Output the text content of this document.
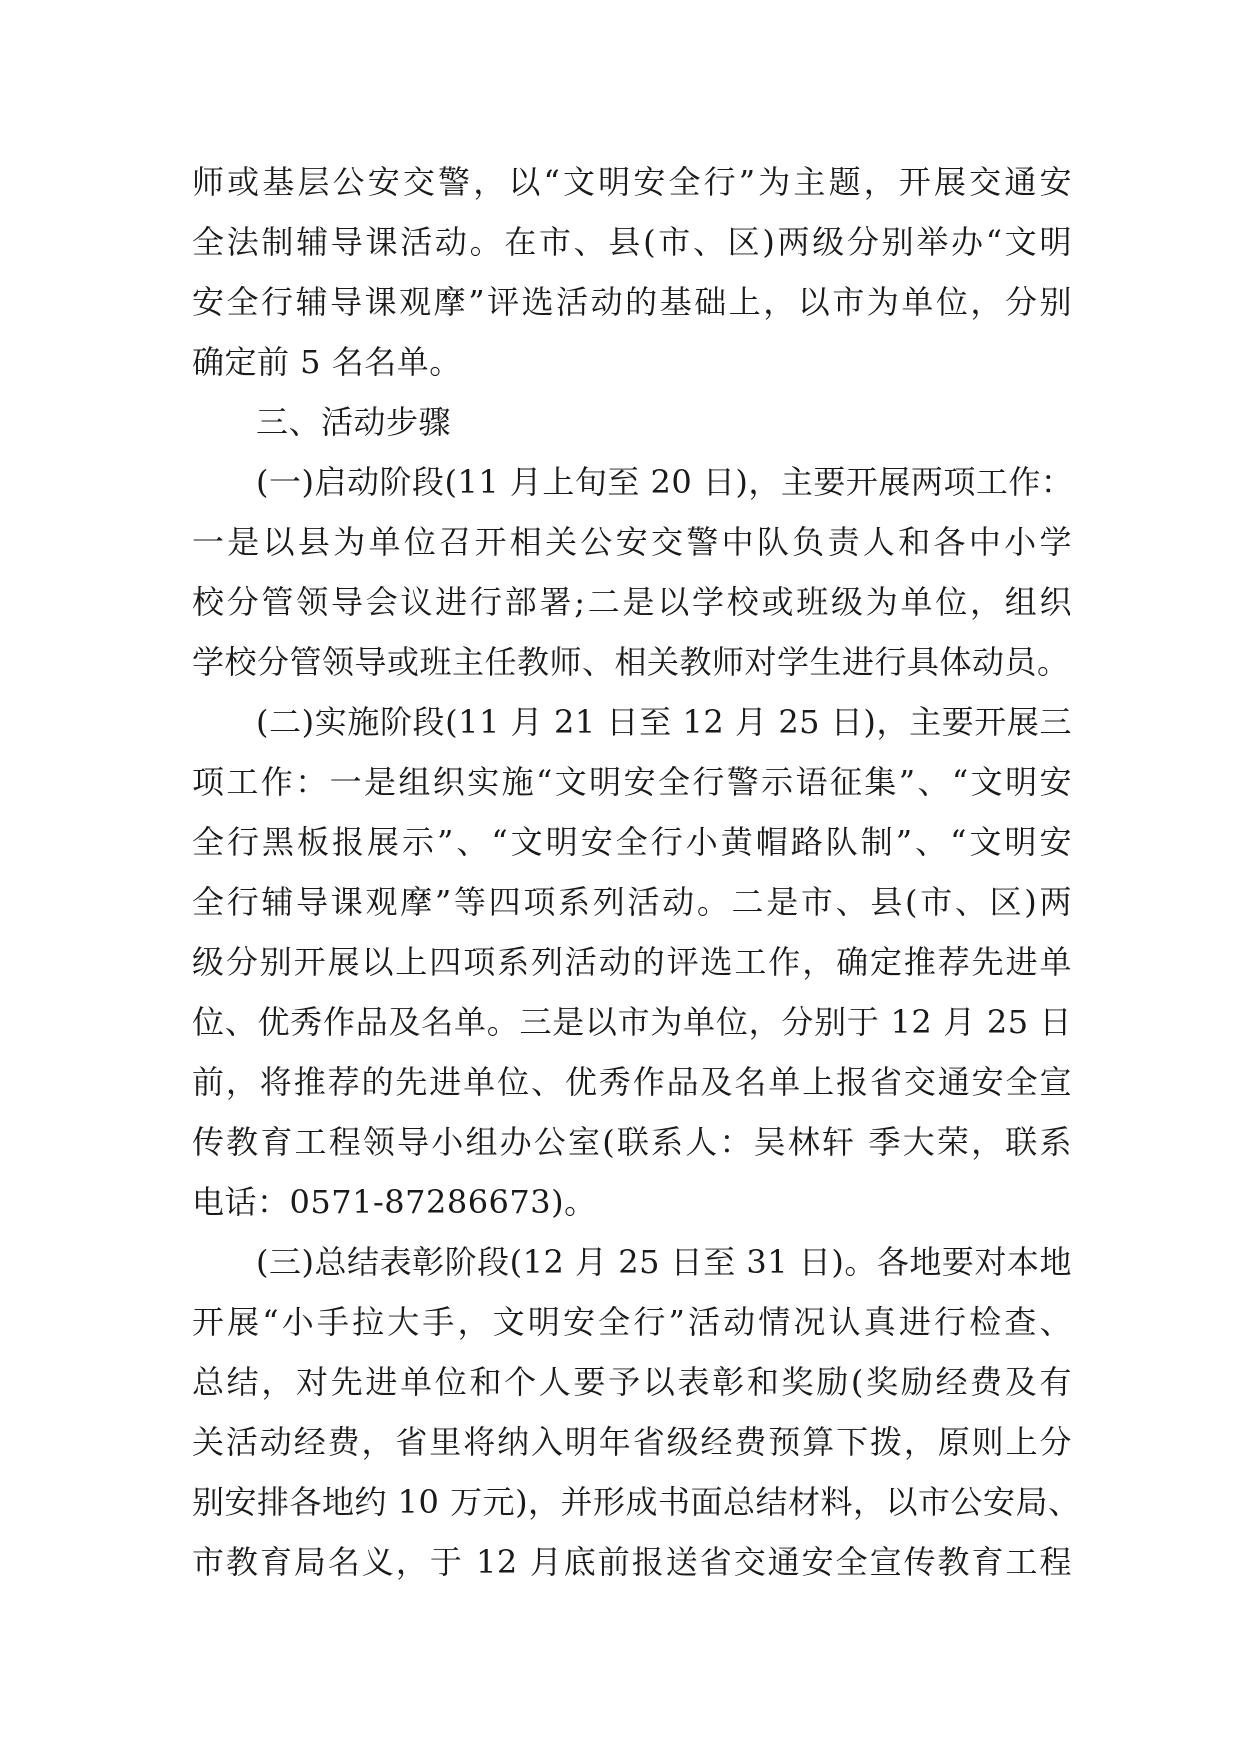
师或基层公安交警，以“文明安全行”为主题，开展交通安
全法制辅导课活动。在市、县(市、区)两级分别举办“文明
安全行辅导课观摩”评选活动的基础上，以市为单位，分别
确定前 5 名名单。
三、活动步骤
(一)启动阶段(11 月上旬至 20 日)，主要开展两项工作：
一是以县为单位召开相关公安交警中队负责人和各中小学
校分管领导会议进行部署;二是以学校或班级为单位，组织
学校分管领导或班主任教师、相关教师对学生进行具体动员。
(二)实施阶段(11 月 21 日至 12 月 25 日)，主要开展三
项工作：一是组织实施“文明安全行警示语征集”、“文明安
全行黑板报展示”、“文明安全行小黄帽路队制”、“文明安
全行辅导课观摩”等四项系列活动。二是市、县(市、区)两
级分别开展以上四项系列活动的评选工作，确定推荐先进单
位、优秀作品及名单。三是以市为单位，分别于 12 月 25 日
前，将推荐的先进单位、优秀作品及名单上报省交通安全宣
传教育工程领导小组办公室(联系人：吴林轩 季大荣，联系
电话：0571-87286673)。
(三)总结表彰阶段(12 月 25 日至 31 日)。各地要对本地
开展“小手拉大手，文明安全行”活动情况认真进行检查、
总结，对先进单位和个人要予以表彰和奖励(奖励经费及有
关活动经费，省里将纳入明年省级经费预算下拨，原则上分
别安排各地约 10 万元)，并形成书面总结材料，以市公安局、
市教育局名义，于 12 月底前报送省交通安全宣传教育工程
